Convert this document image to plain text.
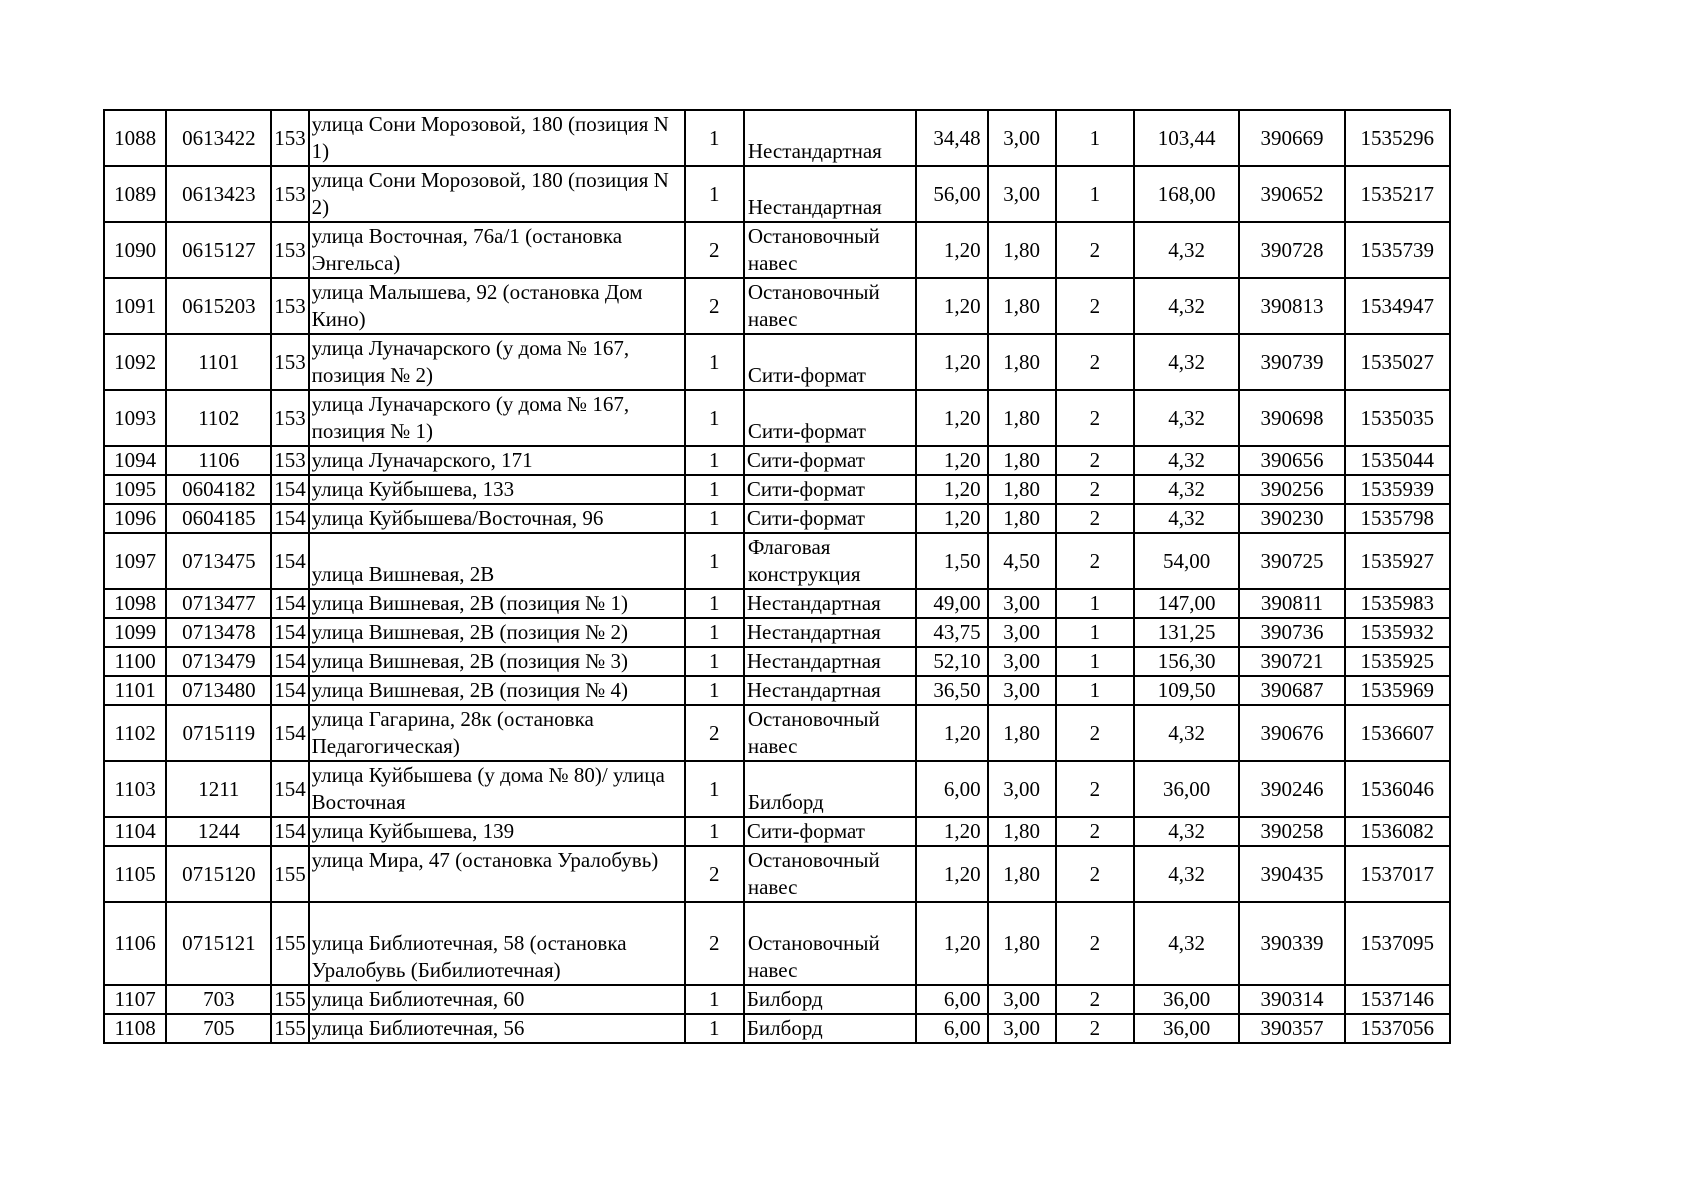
1088	0613422	153	улица Сони Морозовой, 180 (позиция N 1)	1	Нестандартная	34,48	3,00	1	103,44	390669	1535296
1089	0613423	153	улица Сони Морозовой, 180 (позиция N 2)	1	Нестандартная	56,00	3,00	1	168,00	390652	1535217
1090	0615127	153	улица Восточная, 76а/1 (остановка Энгельса)	2	Остановочный навес	1,20	1,80	2	4,32	390728	1535739
1091	0615203	153	улица Малышева, 92 (остановка Дом Кино)	2	Остановочный навес	1,20	1,80	2	4,32	390813	1534947
1092	1101	153	улица Луначарского (у дома № 167, позиция № 2)	1	Сити-формат	1,20	1,80	2	4,32	390739	1535027
1093	1102	153	улица Луначарского (у дома № 167, позиция № 1)	1	Сити-формат	1,20	1,80	2	4,32	390698	1535035
1094	1106	153	улица Луначарского, 171	1	Сити-формат	1,20	1,80	2	4,32	390656	1535044
1095	0604182	154	улица Куйбышева, 133	1	Сити-формат	1,20	1,80	2	4,32	390256	1535939
1096	0604185	154	улица Куйбышева/Восточная, 96	1	Сити-формат	1,20	1,80	2	4,32	390230	1535798
1097	0713475	154	улица Вишневая, 2В	1	Флаговая конструкция	1,50	4,50	2	54,00	390725	1535927
1098	0713477	154	улица Вишневая, 2В (позиция № 1)	1	Нестандартная	49,00	3,00	1	147,00	390811	1535983
1099	0713478	154	улица Вишневая, 2В (позиция № 2)	1	Нестандартная	43,75	3,00	1	131,25	390736	1535932
1100	0713479	154	улица Вишневая, 2В (позиция № 3)	1	Нестандартная	52,10	3,00	1	156,30	390721	1535925
1101	0713480	154	улица Вишневая, 2В (позиция № 4)	1	Нестандартная	36,50	3,00	1	109,50	390687	1535969
1102	0715119	154	улица Гагарина, 28к (остановка Педагогическая)	2	Остановочный навес	1,20	1,80	2	4,32	390676	1536607
1103	1211	154	улица Куйбышева (у дома № 80)/ улица Восточная	1	Билборд	6,00	3,00	2	36,00	390246	1536046
1104	1244	154	улица Куйбышева, 139	1	Сити-формат	1,20	1,80	2	4,32	390258	1536082
1105	0715120	155	улица Мира, 47 (остановка Уралобувь)	2	Остановочный навес	1,20	1,80	2	4,32	390435	1537017
1106	0715121	155	улица Библиотечная, 58 (остановка Уралобувь (Бибилиотечная)	2	Остановочный навес	1,20	1,80	2	4,32	390339	1537095
1107	703	155	улица Библиотечная, 60	1	Билборд	6,00	3,00	2	36,00	390314	1537146
1108	705	155	улица Библиотечная, 56	1	Билборд	6,00	3,00	2	36,00	390357	1537056
